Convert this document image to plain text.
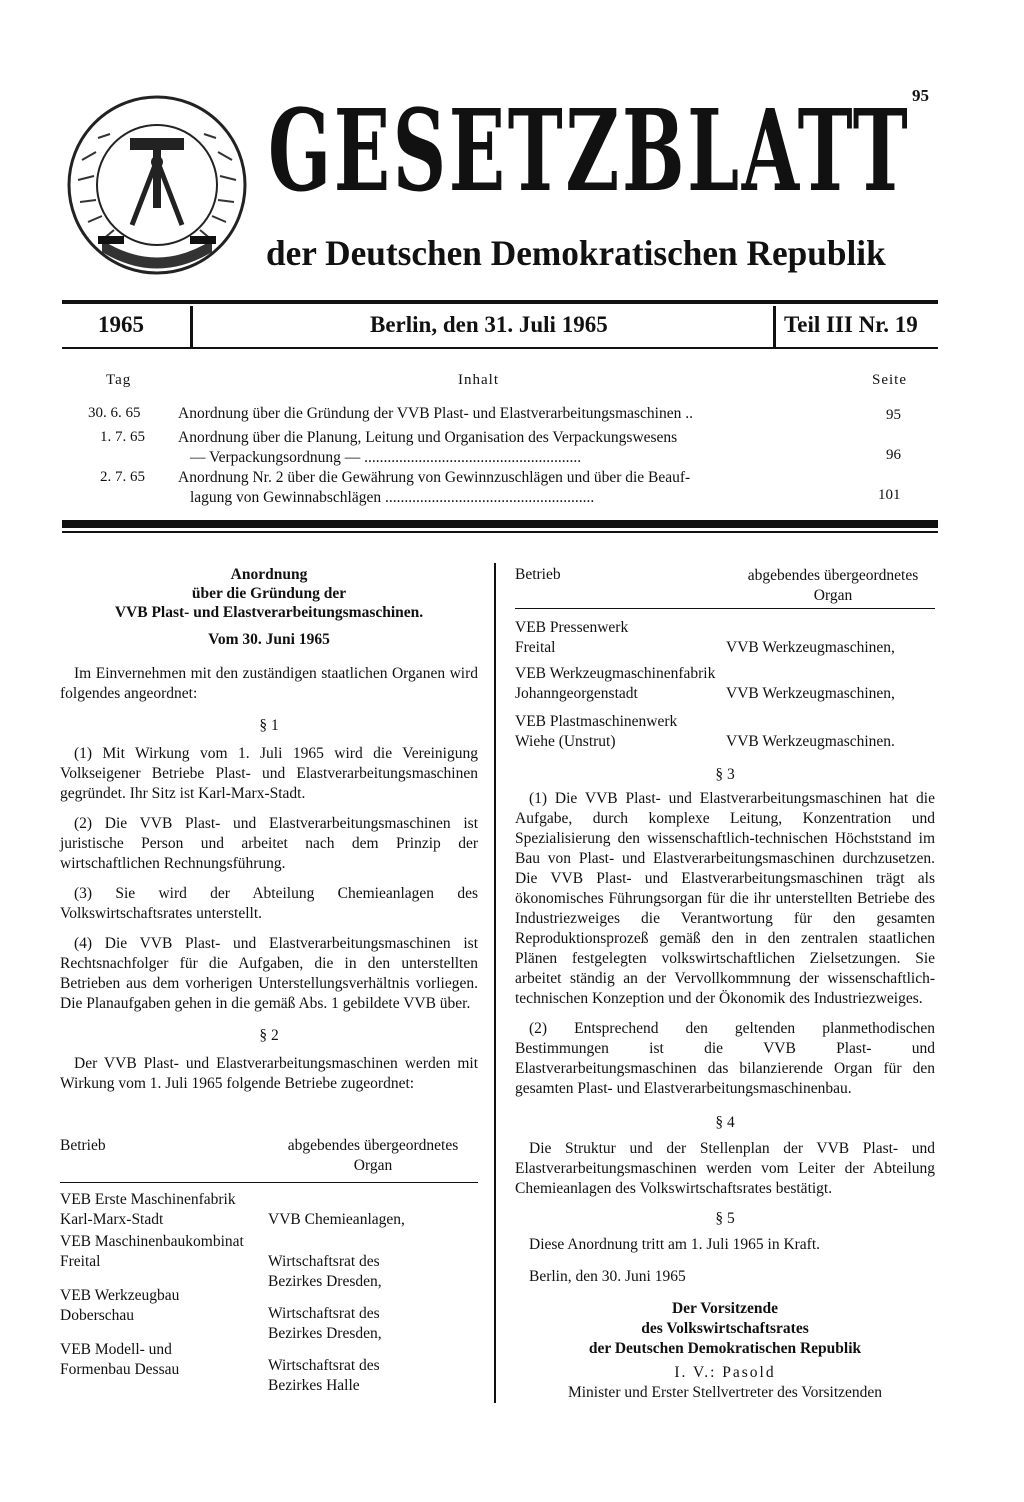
95
GESETZBLATT
der Deutschen Demokratischen Republik
1965	Berlin, den 31. Juli 1965	Teil III Nr. 19
Tag	Inhalt	Seite
30. 6. 65 Anordnung über die Gründung der VVB Plast- und Elastverarbeitungsmaschinen ..	95
1. 7. 65 Anordnung über die Planung, Leitung und Organisation des Verpackungswesens
— Verpackungsordnung — ........................................................	96
2. 7. 65 Anordnung Nr. 2 über die Gewährung von Gewinnzuschlägen und über die Beauf-
lagung von Gewinnabschlägen ......................................................	101
Anordnung
über die Gründung der
VVB Plast- und Elastverarbeitungsmaschinen.
Vom 30. Juni 1965
Im Einvernehmen mit den zuständigen staatlichen Organen wird folgendes angeordnet:
§ 1
(1) Mit Wirkung vom 1. Juli 1965 wird die Vereinigung Volkseigener Betriebe Plast- und Elastverarbeitungsmaschinen gegründet. Ihr Sitz ist Karl-Marx-Stadt.
(2) Die VVB Plast- und Elastverarbeitungsmaschinen ist juristische Person und arbeitet nach dem Prinzip der wirtschaftlichen Rechnungsführung.
(3) Sie wird der Abteilung Chemieanlagen des Volkswirtschaftsrates unterstellt.
(4) Die VVB Plast- und Elastverarbeitungsmaschinen ist Rechtsnachfolger für die Aufgaben, die in den unterstellten Betrieben aus dem vorherigen Unterstellungsverhältnis vorliegen. Die Planaufgaben gehen in die gemäß Abs. 1 gebildete VVB über.
§ 2
Der VVB Plast- und Elastverarbeitungsmaschinen werden mit Wirkung vom 1. Juli 1965 folgende Betriebe zugeordnet:
Betrieb	abgebendes übergeordnetes Organ
VEB Erste Maschinenfabrik Karl-Marx-Stadt	VVB Chemieanlagen,
VEB Maschinenbaukombinat Freital	Wirtschaftsrat des Bezirkes Dresden,
VEB Werkzeugbau Doberschau	Wirtschaftsrat des Bezirkes Dresden,
VEB Modell- und Formenbau Dessau	Wirtschaftsrat des Bezirkes Halle
Betrieb	abgebendes übergeordnetes Organ
VEB Pressenwerk Freital	VVB Werkzeugmaschinen,
VEB Werkzeugmaschinenfabrik Johanngeorgenstadt	VVB Werkzeugmaschinen,
VEB Plastmaschinenwerk Wiehe (Unstrut)	VVB Werkzeugmaschinen.
§ 3
(1) Die VVB Plast- und Elastverarbeitungsmaschinen hat die Aufgabe, durch komplexe Leitung, Konzentration und Spezialisierung den wissenschaftlich-technischen Höchststand im Bau von Plast- und Elastverarbeitungsmaschinen durchzusetzen. Die VVB Plast- und Elastverarbeitungsmaschinen trägt als ökonomisches Führungsorgan für die ihr unterstellten Betriebe des Industriezweiges die Verantwortung für den gesamten Reproduktionsprozeß gemäß den in den zentralen staatlichen Plänen festgelegten volkswirtschaftlichen Zielsetzungen. Sie arbeitet ständig an der Vervollkommnung der wissenschaftlich-technischen Konzeption und der Ökonomik des Industriezweiges.
(2) Entsprechend den geltenden planmethodischen Bestimmungen ist die VVB Plast- und Elastverarbeitungsmaschinen das bilanzierende Organ für den gesamten Plast- und Elastverarbeitungsmaschinenbau.
§ 4
Die Struktur und der Stellenplan der VVB Plast- und Elastverarbeitungsmaschinen werden vom Leiter der Abteilung Chemieanlagen des Volkswirtschaftsrates bestätigt.
§ 5
Diese Anordnung tritt am 1. Juli 1965 in Kraft.
Berlin, den 30. Juni 1965
Der Vorsitzende
des Volkswirtschaftsrates
der Deutschen Demokratischen Republik
I. V.: Pasold
Minister und Erster Stellvertreter des Vorsitzenden
